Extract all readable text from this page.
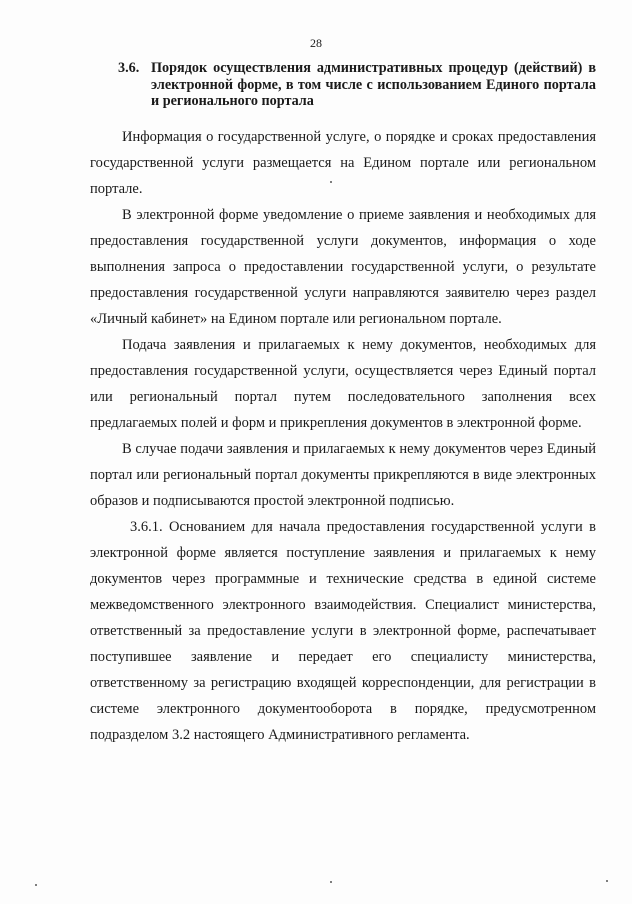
28
3.6. Порядок осуществления административных процедур (действий) в электронной форме, в том числе с использованием Единого портала и регионального портала

Информация о государственной услуге, о порядке и сроках предоставления государственной услуги размещается на Едином портале или региональном портале.

В электронной форме уведомление о приеме заявления и необходимых для предоставления государственной услуги документов, информация о ходе выполнения запроса о предоставлении государственной услуги, о результате предоставления государственной услуги направляются заявителю через раздел «Личный кабинет» на Едином портале или региональном портале.

Подача заявления и прилагаемых к нему документов, необходимых для предоставления государственной услуги, осуществляется через Единый портал или региональный портал путем последовательного заполнения всех предлагаемых полей и форм и прикрепления документов в электронной форме.

В случае подачи заявления и прилагаемых к нему документов через Единый портал или региональный портал документы прикрепляются в виде электронных образов и подписываются простой электронной подписью.

3.6.1. Основанием для начала предоставления государственной услуги в электронной форме является поступление заявления и прилагаемых к нему документов через программные и технические средства в единой системе межведомственного электронного взаимодействия. Специалист министерства, ответственный за предоставление услуги в электронной форме, распечатывает поступившее заявление и передает его специалисту министерства, ответственному за регистрацию входящей корреспонденции, для регистрации в системе электронного документооборота в порядке, предусмотренном подразделом 3.2 настоящего Административного регламента.
